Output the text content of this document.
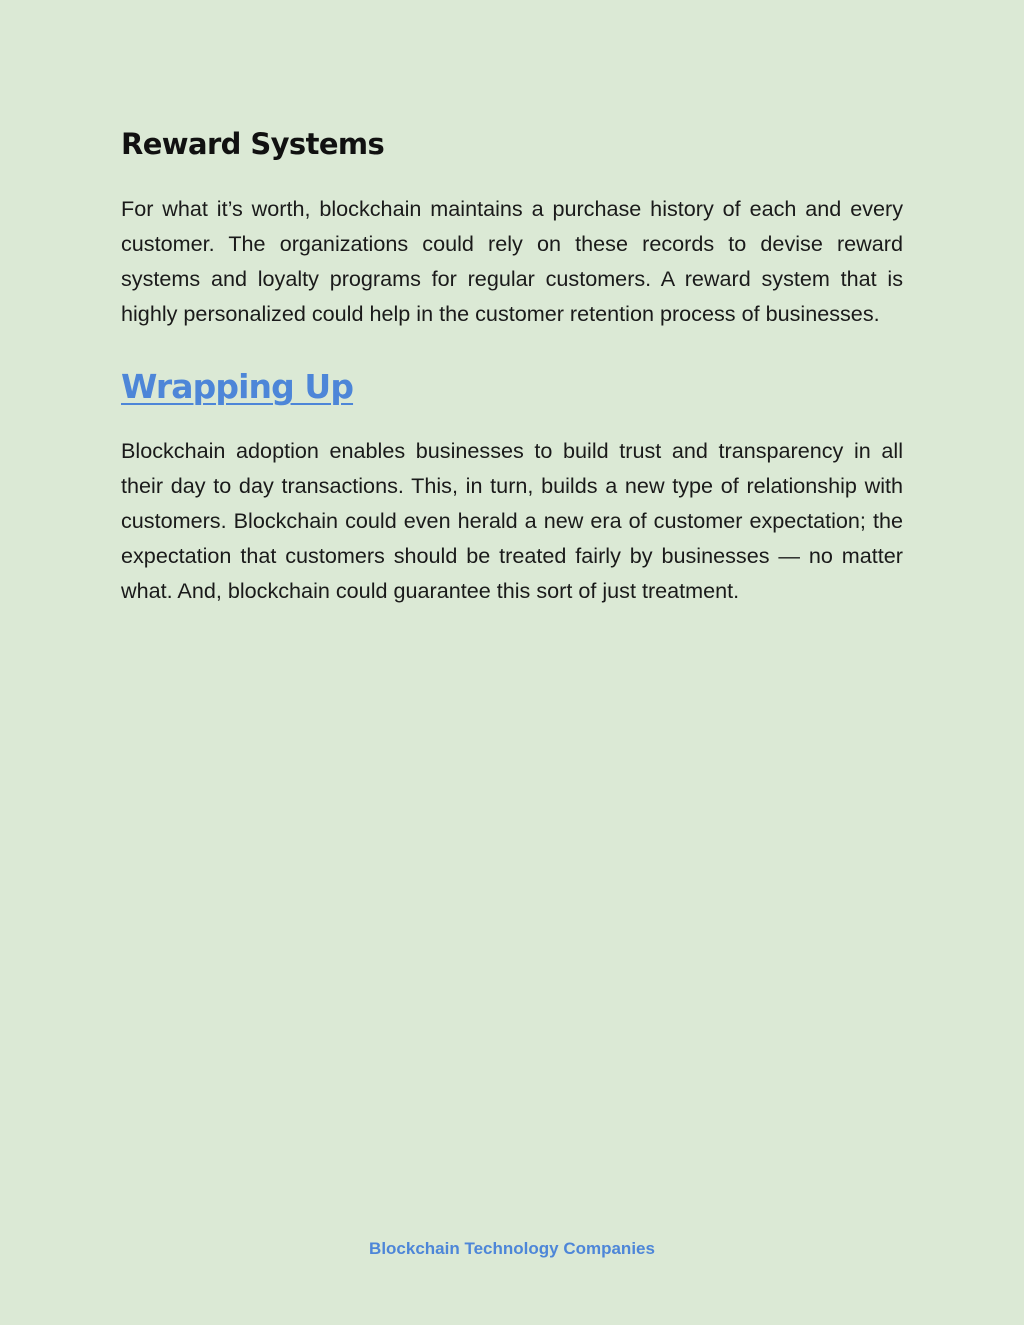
Reward Systems

For what it’s worth, blockchain maintains a purchase history of each and every customer. The organizations could rely on these records to devise reward systems and loyalty programs for regular customers. A reward system that is highly personalized could help in the customer retention process of businesses.

Wrapping Up

Blockchain adoption enables businesses to build trust and transparency in all their day to day transactions. This, in turn, builds a new type of relationship with customers. Blockchain could even herald a new era of customer expectation; the expectation that customers should be treated fairly by businesses — no matter what. And, blockchain could guarantee this sort of just treatment.

Blockchain Technology Companies
